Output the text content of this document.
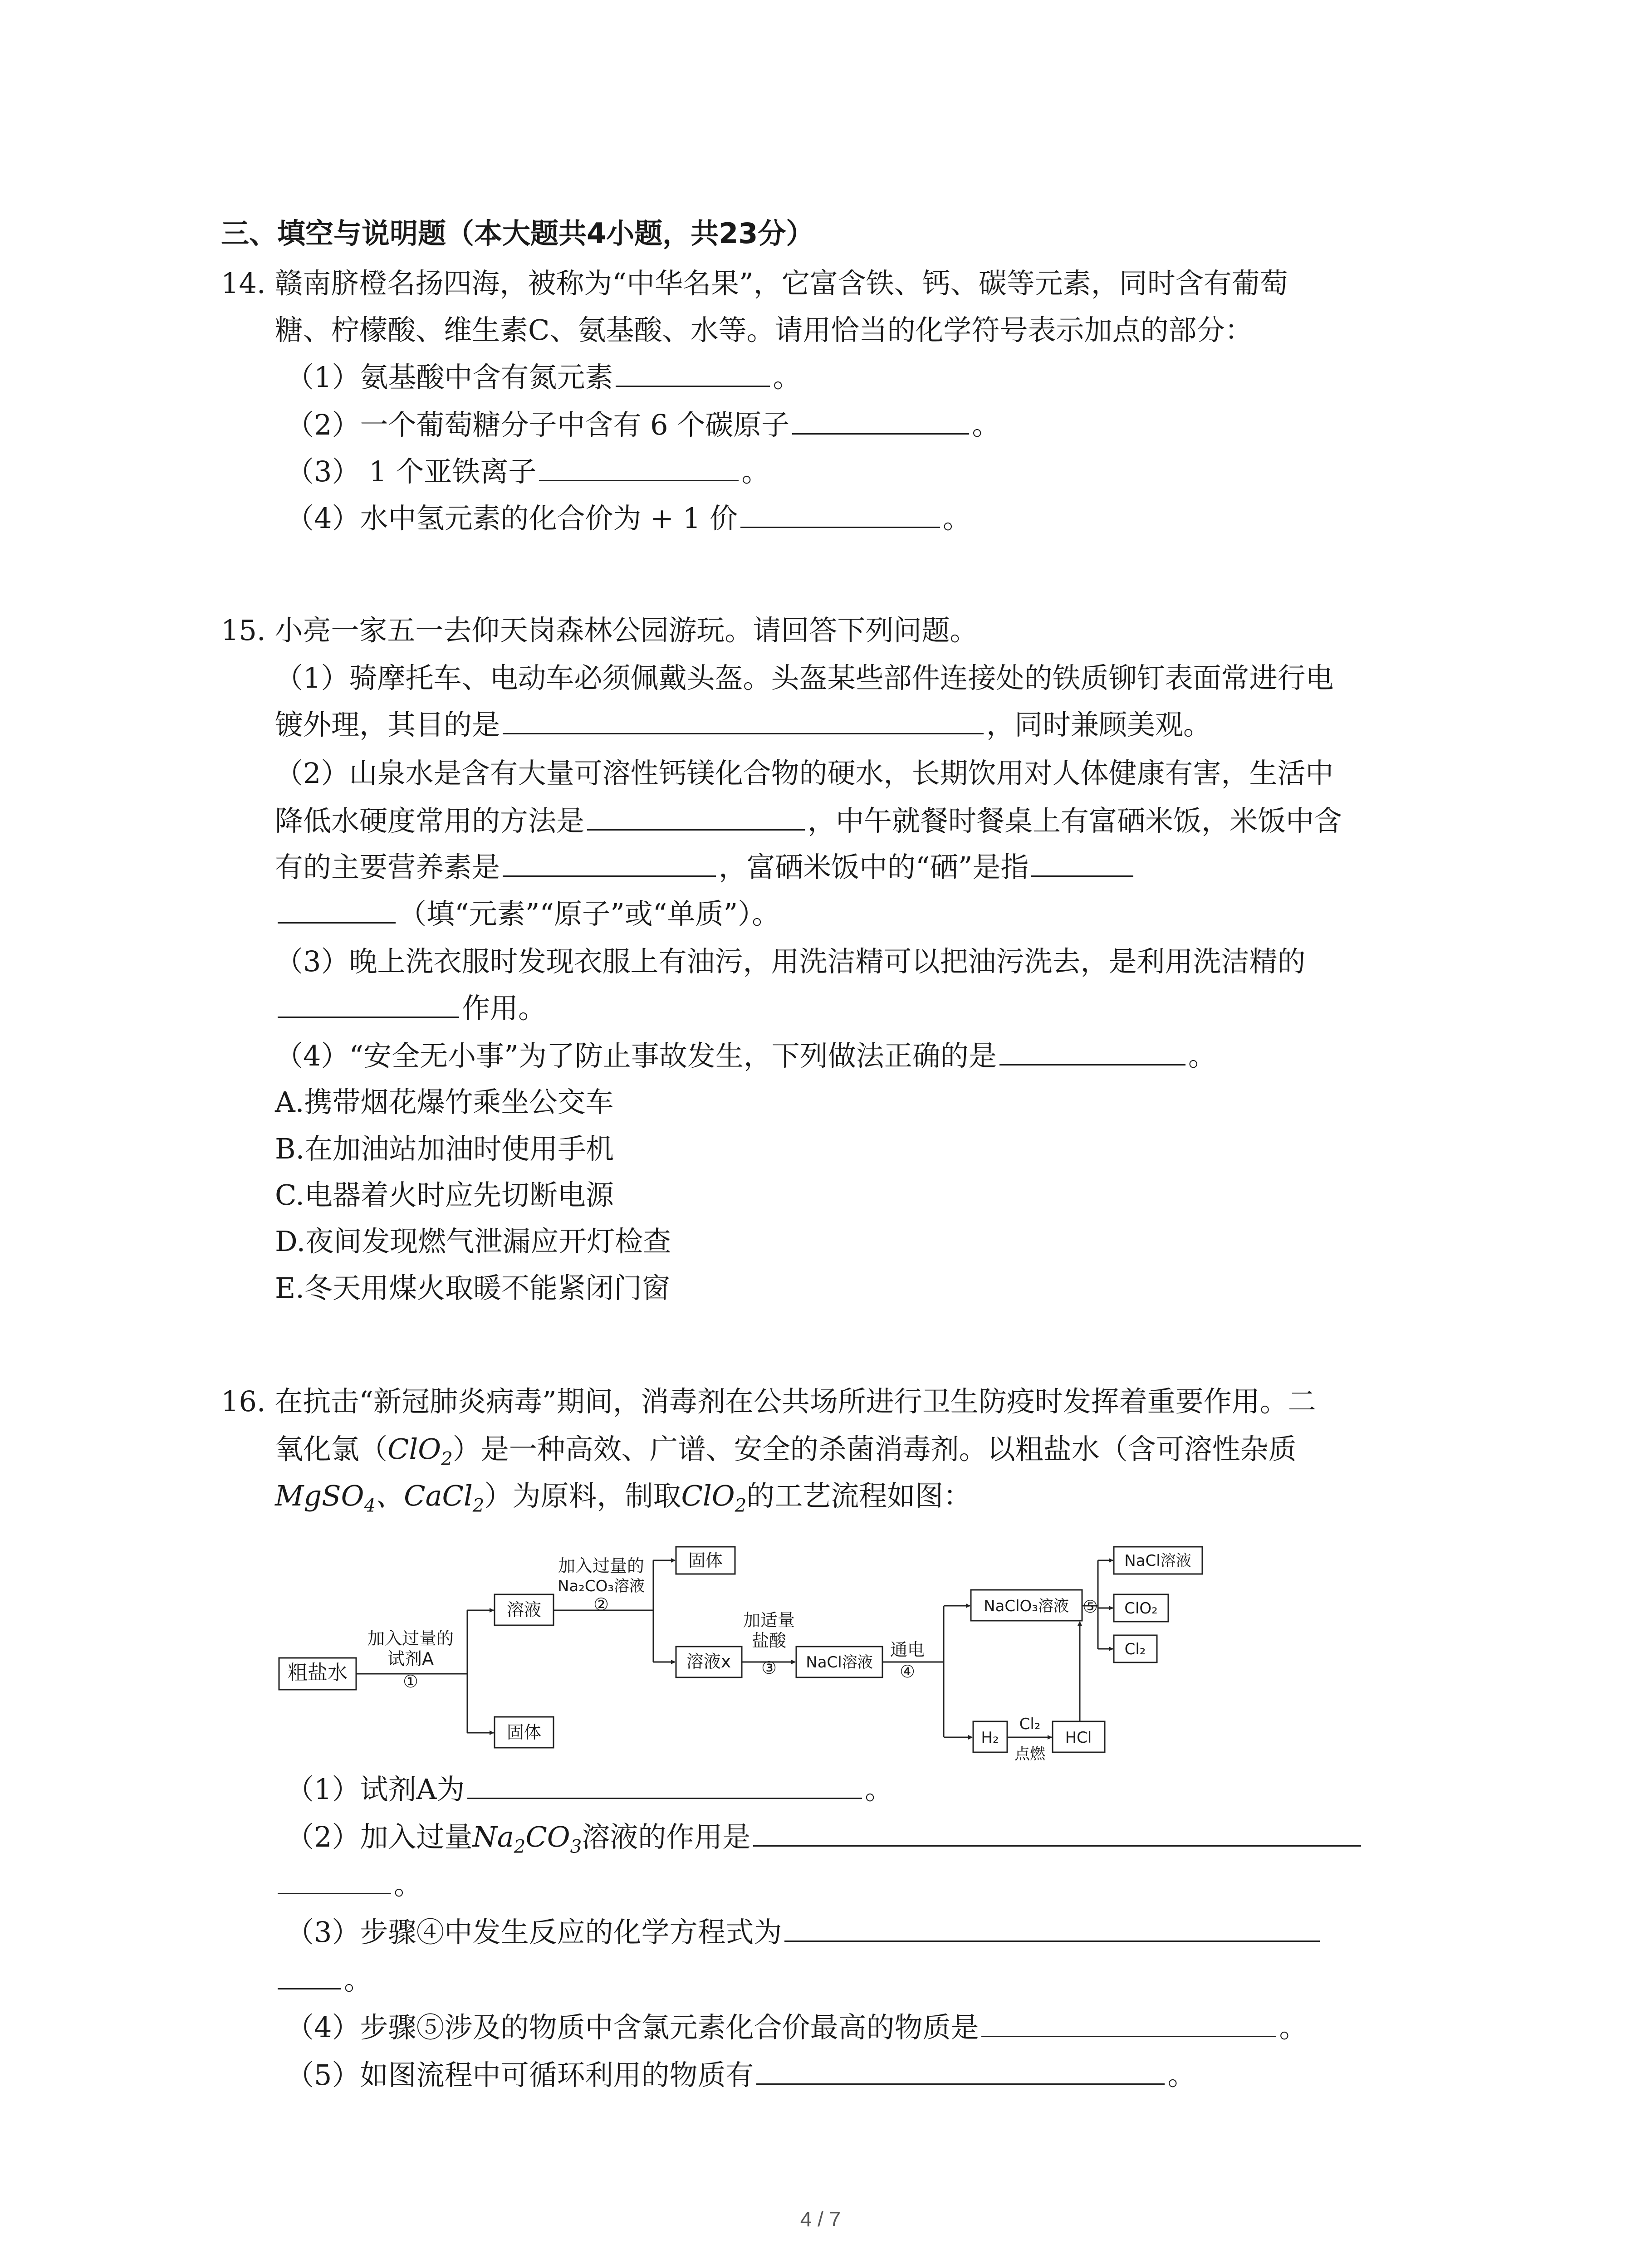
三、填空与说明题（本大题共4小题，共23分）
14. 赣南脐橙名扬四海，被称为“中华名果”，它富含铁、钙、碳等元素，同时含有葡萄
糖、柠檬酸、维生素C、氨基酸、水等。请用恰当的化学符号表示加点的部分：
（1）氨基酸中含有氮元素	。
（2）一个葡萄糖分子中含有 6 个碳原子	。
（3） 1 个亚铁离子	。
（4）水中氢元素的化合价为 + 1 价	。
15. 小亮一家五一去仰天岗森林公园游玩。请回答下列问题。
（1）骑摩托车、电动车必须佩戴头盔。头盔某些部件连接处的铁质铆钉表面常进行电
镀外理，其目的是	，同时兼顾美观。
（2）山泉水是含有大量可溶性钙镁化合物的硬水，长期饮用对人体健康有害，生活中
降低水硬度常用的方法是	，中午就餐时餐桌上有富硒米饭，米饭中含
有的主要营养素是	，富硒米饭中的“硒”是指
（填“元素”“原子”或“单质”）。
（3）晚上洗衣服时发现衣服上有油污，用洗洁精可以把油污洗去，是利用洗洁精的
作用。
（4）“安全无小事”为了防止事故发生，下列做法正确的是	。
A.携带烟花爆竹乘坐公交车
B.在加油站加油时使用手机
C.电器着火时应先切断电源
D.夜间发现燃气泄漏应开灯检查
E.冬天用煤火取暖不能紧闭门窗
16. 在抗击“新冠肺炎病毒”期间，消毒剂在公共场所进行卫生防疫时发挥着重要作用。二
氧化氯（ClO$_2$）是一种高效、广谱、安全的杀菌消毒剂。以粗盐水（含可溶性杂质
MgSO$_4$、CaCl$_2$）为原料，制取ClO$_2$的工艺流程如图：
粗盐水
加入过量的
试剂A
①
溶液
固体
固体
加入过量的
Na₂CO₃溶液
②
溶液x
加适量
盐酸
③ NaCl溶液
通电
④
NaClO₃溶液 ⑤
NaCl溶液
ClO₂
Cl₂
H₂
Cl₂
点燃
HCl
（1）试剂A为	。
（2）加入过量$Na_2CO_3$溶液的作用是
。
（3）步骤④中发生反应的化学方程式为
。
（4）步骤⑤涉及的物质中含氯元素化合价最高的物质是	。
（5）如图流程中可循环利用的物质有	。
4 / 7
